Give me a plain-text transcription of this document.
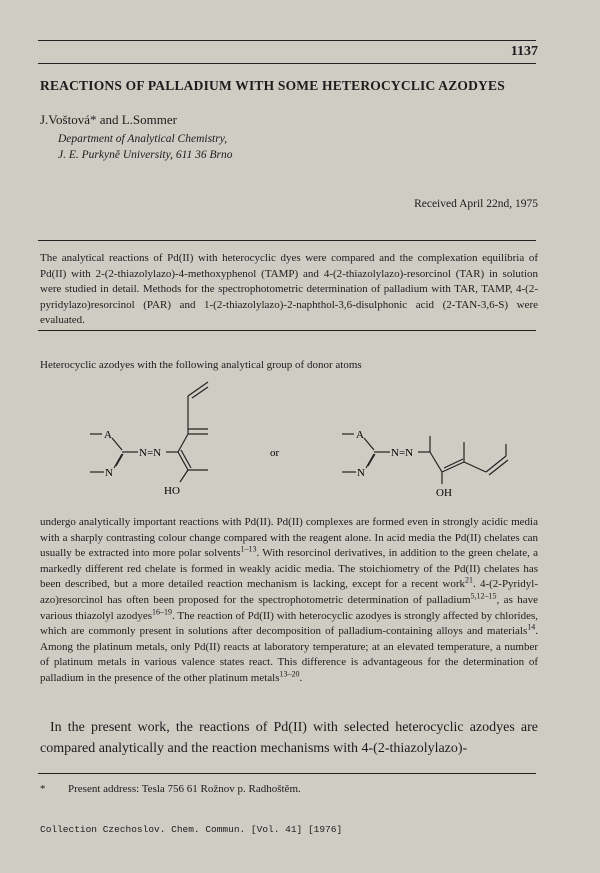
1137
REACTIONS OF PALLADIUM WITH SOME HETEROCYCLIC AZODYES
J.Voštová* and L.Sommer
Department of Analytical Chemistry,
J. E. Purkyně University, 611 36 Brno
Received April 22nd, 1975
The analytical reactions of Pd(II) with heterocyclic dyes were compared and the complexation equilibria of Pd(II) with 2-(2-thiazolylazo)-4-methoxyphenol (TAMP) and 4-(2-thiazolylazo)-resorcinol (TAR) in solution were studied in detail. Methods for the spectrophotometric determination of palladium with TAR, TAMP, 4-(2-pyridylazo)resorcinol (PAR) and 1-(2-thiazolylazo)-2-naphthol-3,6-disulphonic acid (2-TAN-3,6-S) were evaluated.
Heterocyclic azodyes with the following analytical group of donor atoms
A
N
N=N
HO
or
A
N
N=N
OH
undergo analytically important reactions with Pd(II). Pd(II) complexes are formed even in strongly acidic media with a sharply contrasting colour change compared with the reagent alone. In acid media the Pd(II) chelates can usually be extracted into more polar solvents$^{1-13}$. With resorcinol derivatives, in addition to the green chelate, a markedly different red chelate is formed in weakly acidic media. The stoichiometry of the Pd(II) chelates has been described, but a more detailed reaction mechanism is lacking, except for a recent work$^{21}$. 4-(2-Pyridyl-azo)resorcinol has often been proposed for the spectrophotometric determination of palladium$^{5,12-15}$, as have various thiazolyl azodyes$^{16-19}$. The reaction of Pd(II) with heterocyclic azodyes is strongly affected by chlorides, which are commonly present in solutions after decomposition of palladium-containing alloys and materials$^{14}$. Among the platinum metals, only Pd(II) reacts at laboratory temperature; at an elevated temperature, a number of platinum metals in various valence states react. This difference is advantageous for the determination of palladium in the presence of the other platinum metals$^{13-20}$.
In the present work, the reactions of Pd(II) with selected heterocyclic azodyes are compared analytically and the reaction mechanisms with 4-(2-thiazolylazo)-
* Present address: Tesla 756 61 Rožnov p. Radhoštěm.
Collection Czechoslov. Chem. Commun. [Vol. 41] [1976]
